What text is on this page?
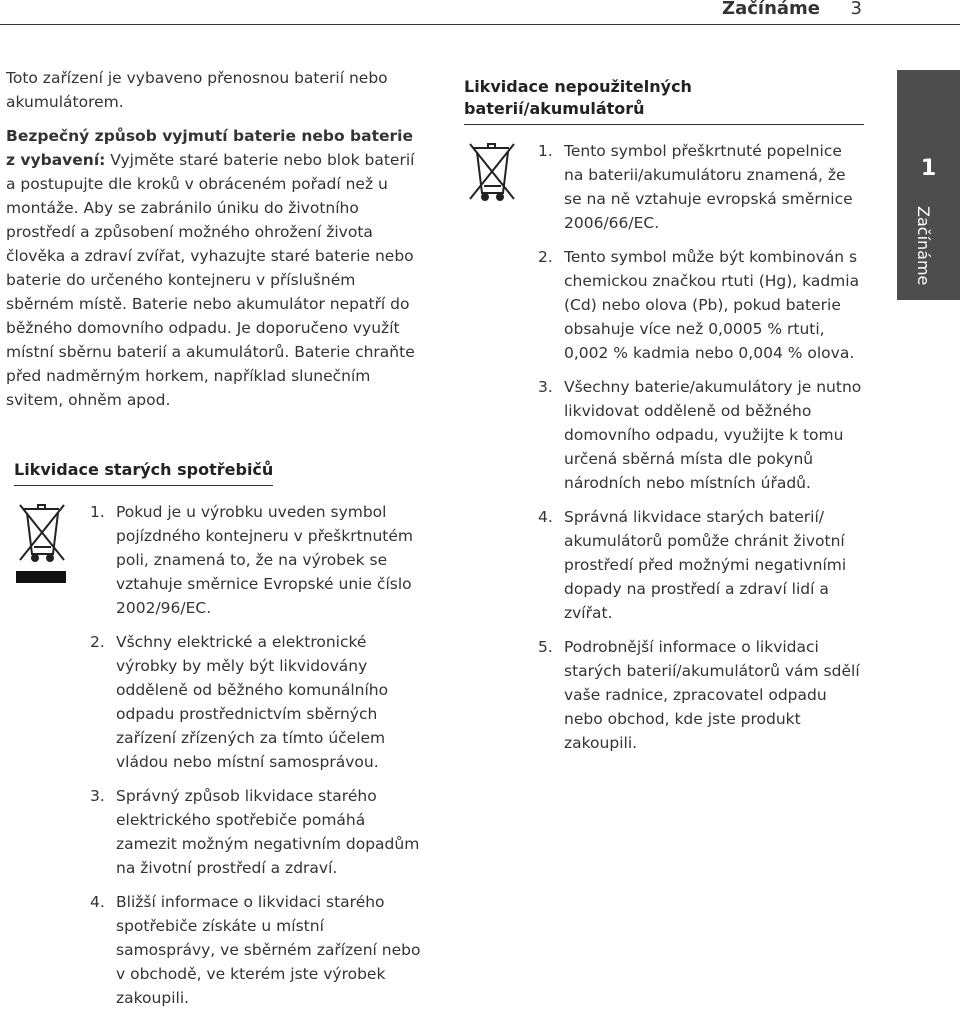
Začínáme 3

Toto zařízení je vybaveno přenosnou baterií nebo akumulátorem.

Bezpečný způsob vyjmutí baterie nebo baterie z vybavení: Vyjměte staré baterie nebo blok baterií a postupujte dle kroků v obráceném pořadí než u montáže. Aby se zabránilo úniku do životního prostředí a způsobení možného ohrožení života člověka a zdraví zvířat, vyhazujte staré baterie nebo baterie do určeného kontejneru v příslušném sběrném místě. Baterie nebo akumulátor nepatří do běžného domovního odpadu. Je doporučeno využít místní sběrnu baterií a akumulátorů. Baterie chraňte před nadměrným horkem, například slunečním svitem, ohněm apod.

Likvidace starých spotřebičů
1. Pokud je u výrobku uveden symbol pojízdného kontejneru v přeškrtnutém poli, znamená to, že na výrobek se vztahuje směrnice Evropské unie číslo 2002/96/EC.
2. Všchny elektrické a elektronické výrobky by měly být likvidovány odděleně od běžného komunálního odpadu prostřednictvím sběrných zařízení zřízených za tímto účelem vládou nebo místní samosprávou.
3. Správný způsob likvidace starého elektrického spotřebiče pomáhá zamezit možným negativním dopadům na životní prostředí a zdraví.
4. Bližší informace o likvidaci starého spotřebiče získáte u místní samosprávy, ve sběrném zařízení nebo v obchodě, ve kterém jste výrobek zakoupili.
Likvidace nepoužitelných baterií/akumulátorů
1. Tento symbol přeškrtnuté popelnice na baterii/akumulátoru znamená, že se na ně vztahuje evropská směrnice 2006/66/EC.
2. Tento symbol může být kombinován s chemickou značkou rtuti (Hg), kadmia (Cd) nebo olova (Pb), pokud baterie obsahuje více než 0,0005 % rtuti, 0,002 % kadmia nebo 0,004 % olova.
3. Všechny baterie/akumulátory je nutno likvidovat odděleně od běžného domovního odpadu, využijte k tomu určená sběrná místa dle pokynů národních nebo místních úřadů.
4. Správná likvidace starých baterií/ akumulátorů pomůže chránit životní prostředí před možnými negativními dopady na prostředí a zdraví lidí a zvířat.
5. Podrobnější informace o likvidaci starých baterií/akumulátorů vám sdělí vaše radnice, zpracovatel odpadu nebo obchod, kde jste produkt zakoupili.
1
Začínáme
